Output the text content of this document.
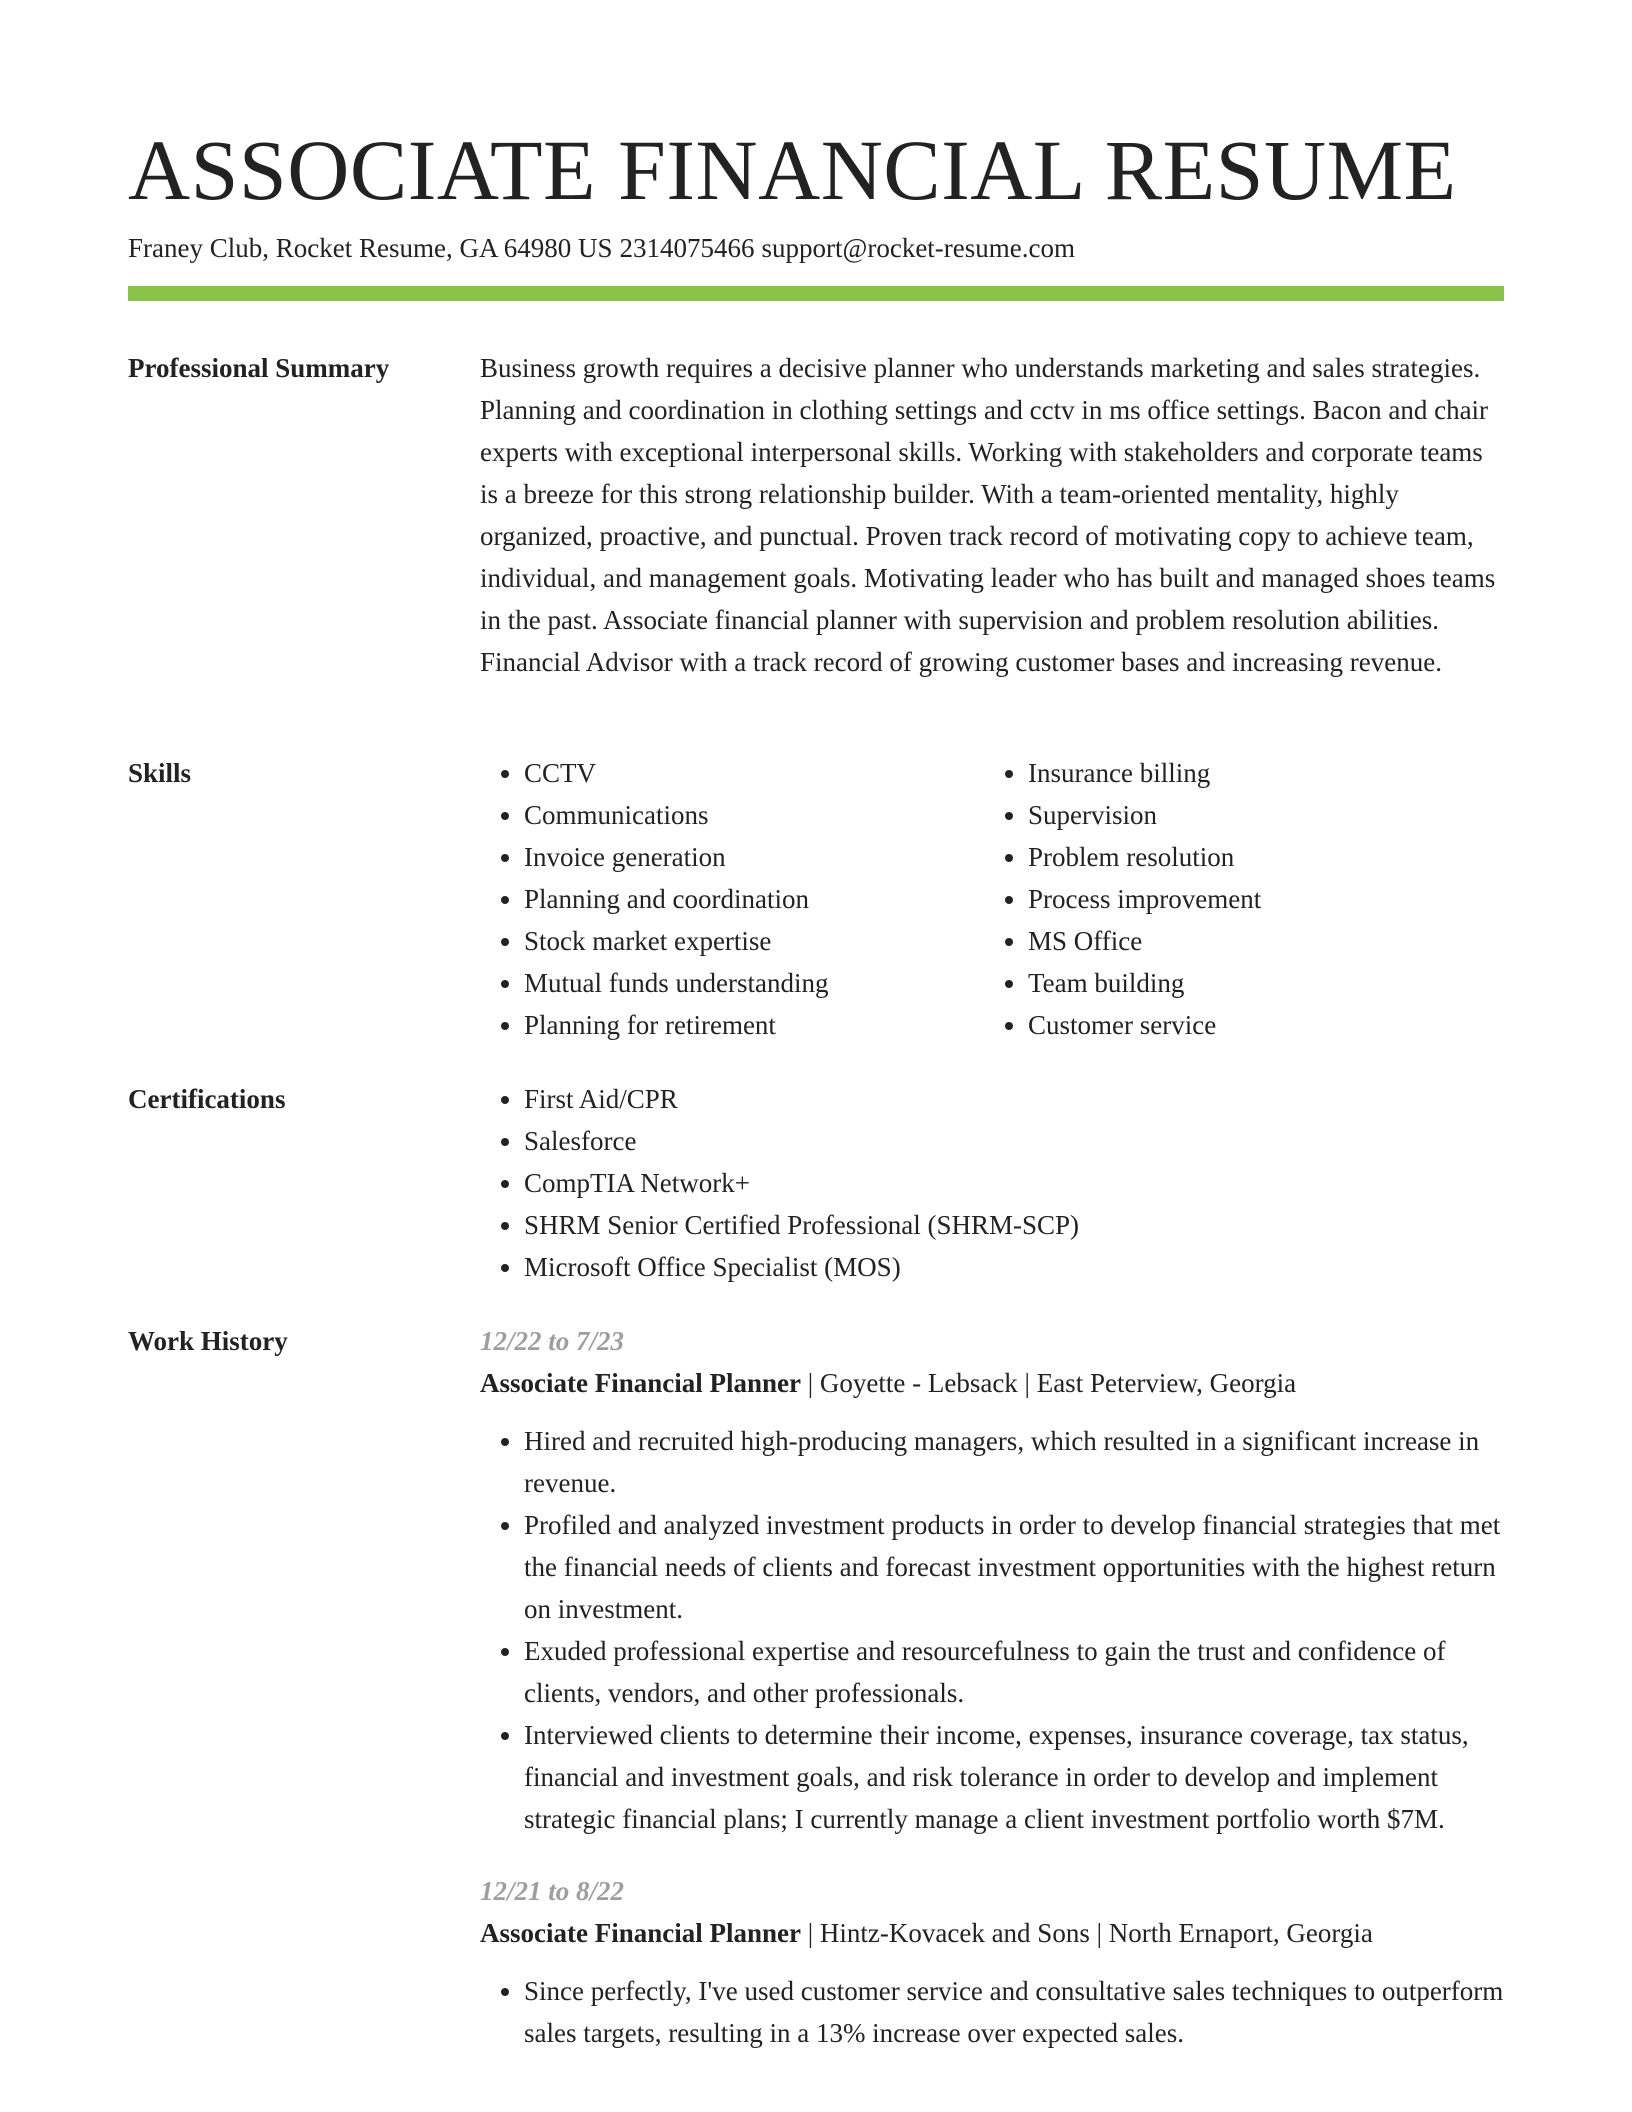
ASSOCIATE FINANCIAL RESUME
Franey Club, Rocket Resume, GA 64980 US 2314075466 support@rocket-resume.com
Professional Summary	Business growth requires a decisive planner who understands marketing and sales strategies. Planning and coordination in clothing settings and cctv in ms office settings. Bacon and chair experts with exceptional interpersonal skills. Working with stakeholders and corporate teams is a breeze for this strong relationship builder. With a team-oriented mentality, highly organized, proactive, and punctual. Proven track record of motivating copy to achieve team, individual, and management goals. Motivating leader who has built and managed shoes teams in the past. Associate financial planner with supervision and problem resolution abilities. Financial Advisor with a track record of growing customer bases and increasing revenue.

Skills	• CCTV
• Communications
• Invoice generation
• Planning and coordination
• Stock market expertise
• Mutual funds understanding
• Planning for retirement
• Insurance billing
• Supervision
• Problem resolution
• Process improvement
• MS Office
• Team building
• Customer service
Certifications	• First Aid/CPR
• Salesforce
• CompTIA Network+
• SHRM Senior Certified Professional (SHRM-SCP)
• Microsoft Office Specialist (MOS)
Work History	12/22 to 7/23
Associate Financial Planner | Goyette - Lebsack | East Peterview, Georgia
• Hired and recruited high-producing managers, which resulted in a significant increase in revenue.
• Profiled and analyzed investment products in order to develop financial strategies that met the financial needs of clients and forecast investment opportunities with the highest return on investment.
• Exuded professional expertise and resourcefulness to gain the trust and confidence of clients, vendors, and other professionals.
• Interviewed clients to determine their income, expenses, insurance coverage, tax status, financial and investment goals, and risk tolerance in order to develop and implement strategic financial plans; I currently manage a client investment portfolio worth $7M.
12/21 to 8/22
Associate Financial Planner | Hintz-Kovacek and Sons | North Ernaport, Georgia
• Since perfectly, I've used customer service and consultative sales techniques to outperform sales targets, resulting in a 13% increase over expected sales.
